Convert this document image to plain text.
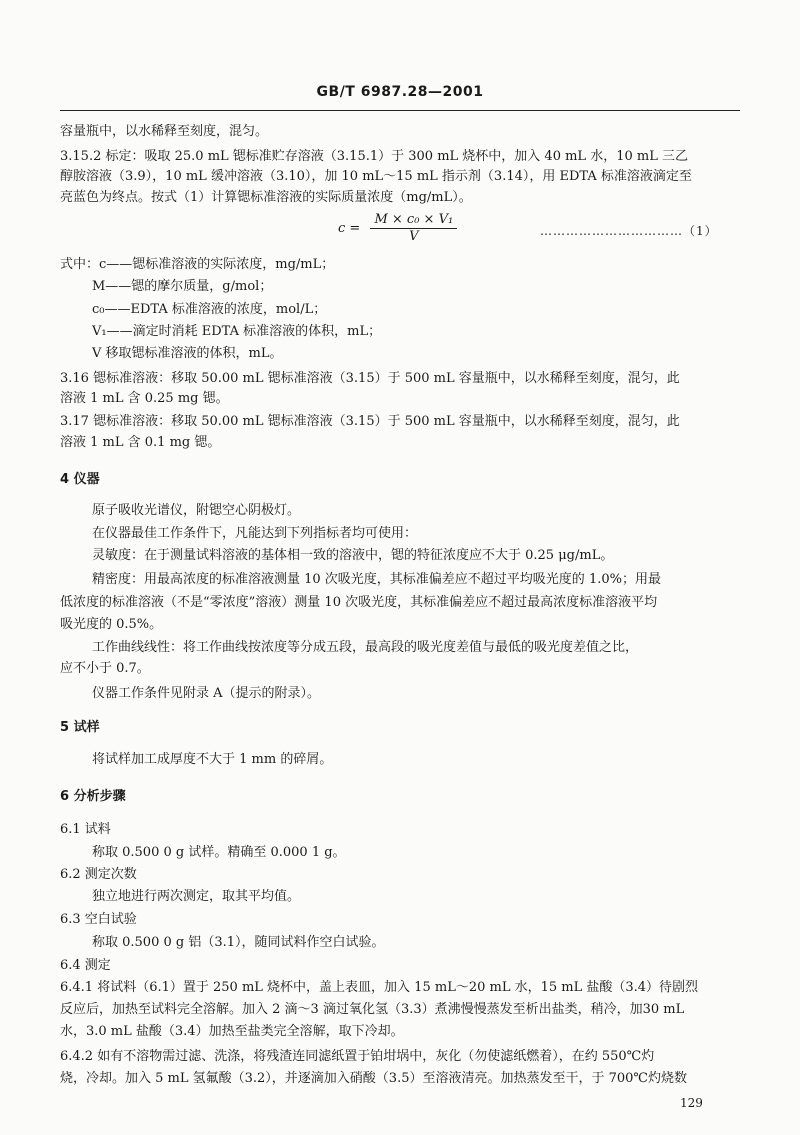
GB/T 6987.28—2001
容量瓶中，以水稀释至刻度，混匀。
3.15.2 标定：吸取 25.0 mL 锶标准贮存溶液（3.15.1）于 300 mL 烧杯中，加入 40 mL 水，10 mL 三乙
醇胺溶液（3.9），10 mL 缓冲溶液（3.10），加 10 mL～15 mL 指示剂（3.14），用 EDTA 标准溶液滴定至
亮蓝色为终点。按式（1）计算锶标准溶液的实际质量浓度（mg/mL）。
$c = \frac{\text{M × c₀ × V₁}}{V}$	……………………………（1）
式中：c——锶标准溶液的实际浓度，mg/mL；
M——锶的摩尔质量，g/mol；
c₀——EDTA 标准溶液的浓度，mol/L；
V₁——滴定时消耗 EDTA 标准溶液的体积，mL；
V 移取锶标准溶液的体积，mL。
3.16 锶标准溶液：移取 50.00 mL 锶标准溶液（3.15）于 500 mL 容量瓶中，以水稀释至刻度，混匀，此
溶液 1 mL 含 0.25 mg 锶。
3.17 锶标准溶液：移取 50.00 mL 锶标准溶液（3.15）于 500 mL 容量瓶中，以水稀释至刻度，混匀，此
溶液 1 mL 含 0.1 mg 锶。
4 仪器
原子吸收光谱仪，附锶空心阴极灯。
在仪器最佳工作条件下，凡能达到下列指标者均可使用：
灵敏度：在于测量试料溶液的基体相一致的溶液中，锶的特征浓度应不大于 0.25 μg/mL。
精密度：用最高浓度的标准溶液测量 10 次吸光度，其标准偏差应不超过平均吸光度的 1.0%；用最
低浓度的标准溶液（不是“零浓度”溶液）测量 10 次吸光度，其标准偏差应不超过最高浓度标准溶液平均
吸光度的 0.5%。
工作曲线线性：将工作曲线按浓度等分成五段，最高段的吸光度差值与最低的吸光度差值之比，
应不小于 0.7。
仪器工作条件见附录 A（提示的附录）。
5 试样
将试样加工成厚度不大于 1 mm 的碎屑。
6 分析步骤
6.1 试料
称取 0.500 0 g 试样。精确至 0.000 1 g。
6.2 测定次数
独立地进行两次测定，取其平均值。
6.3 空白试验
称取 0.500 0 g 铝（3.1），随同试料作空白试验。
6.4 测定
6.4.1 将试料（6.1）置于 250 mL 烧杯中，盖上表皿，加入 15 mL～20 mL 水，15 mL 盐酸（3.4）待剧烈
反应后，加热至试料完全溶解。加入 2 滴～3 滴过氧化氢（3.3）煮沸慢慢蒸发至析出盐类，稍冷，加30 mL
水，3.0 mL 盐酸（3.4）加热至盐类完全溶解，取下冷却。
6.4.2 如有不溶物需过滤、洗涤，将残渣连同滤纸置于铂坩埚中，灰化（勿使滤纸燃着），在约 550℃灼
烧，冷却。加入 5 mL 氢氟酸（3.2），并逐滴加入硝酸（3.5）至溶液清亮。加热蒸发至干，于 700℃灼烧数
129
